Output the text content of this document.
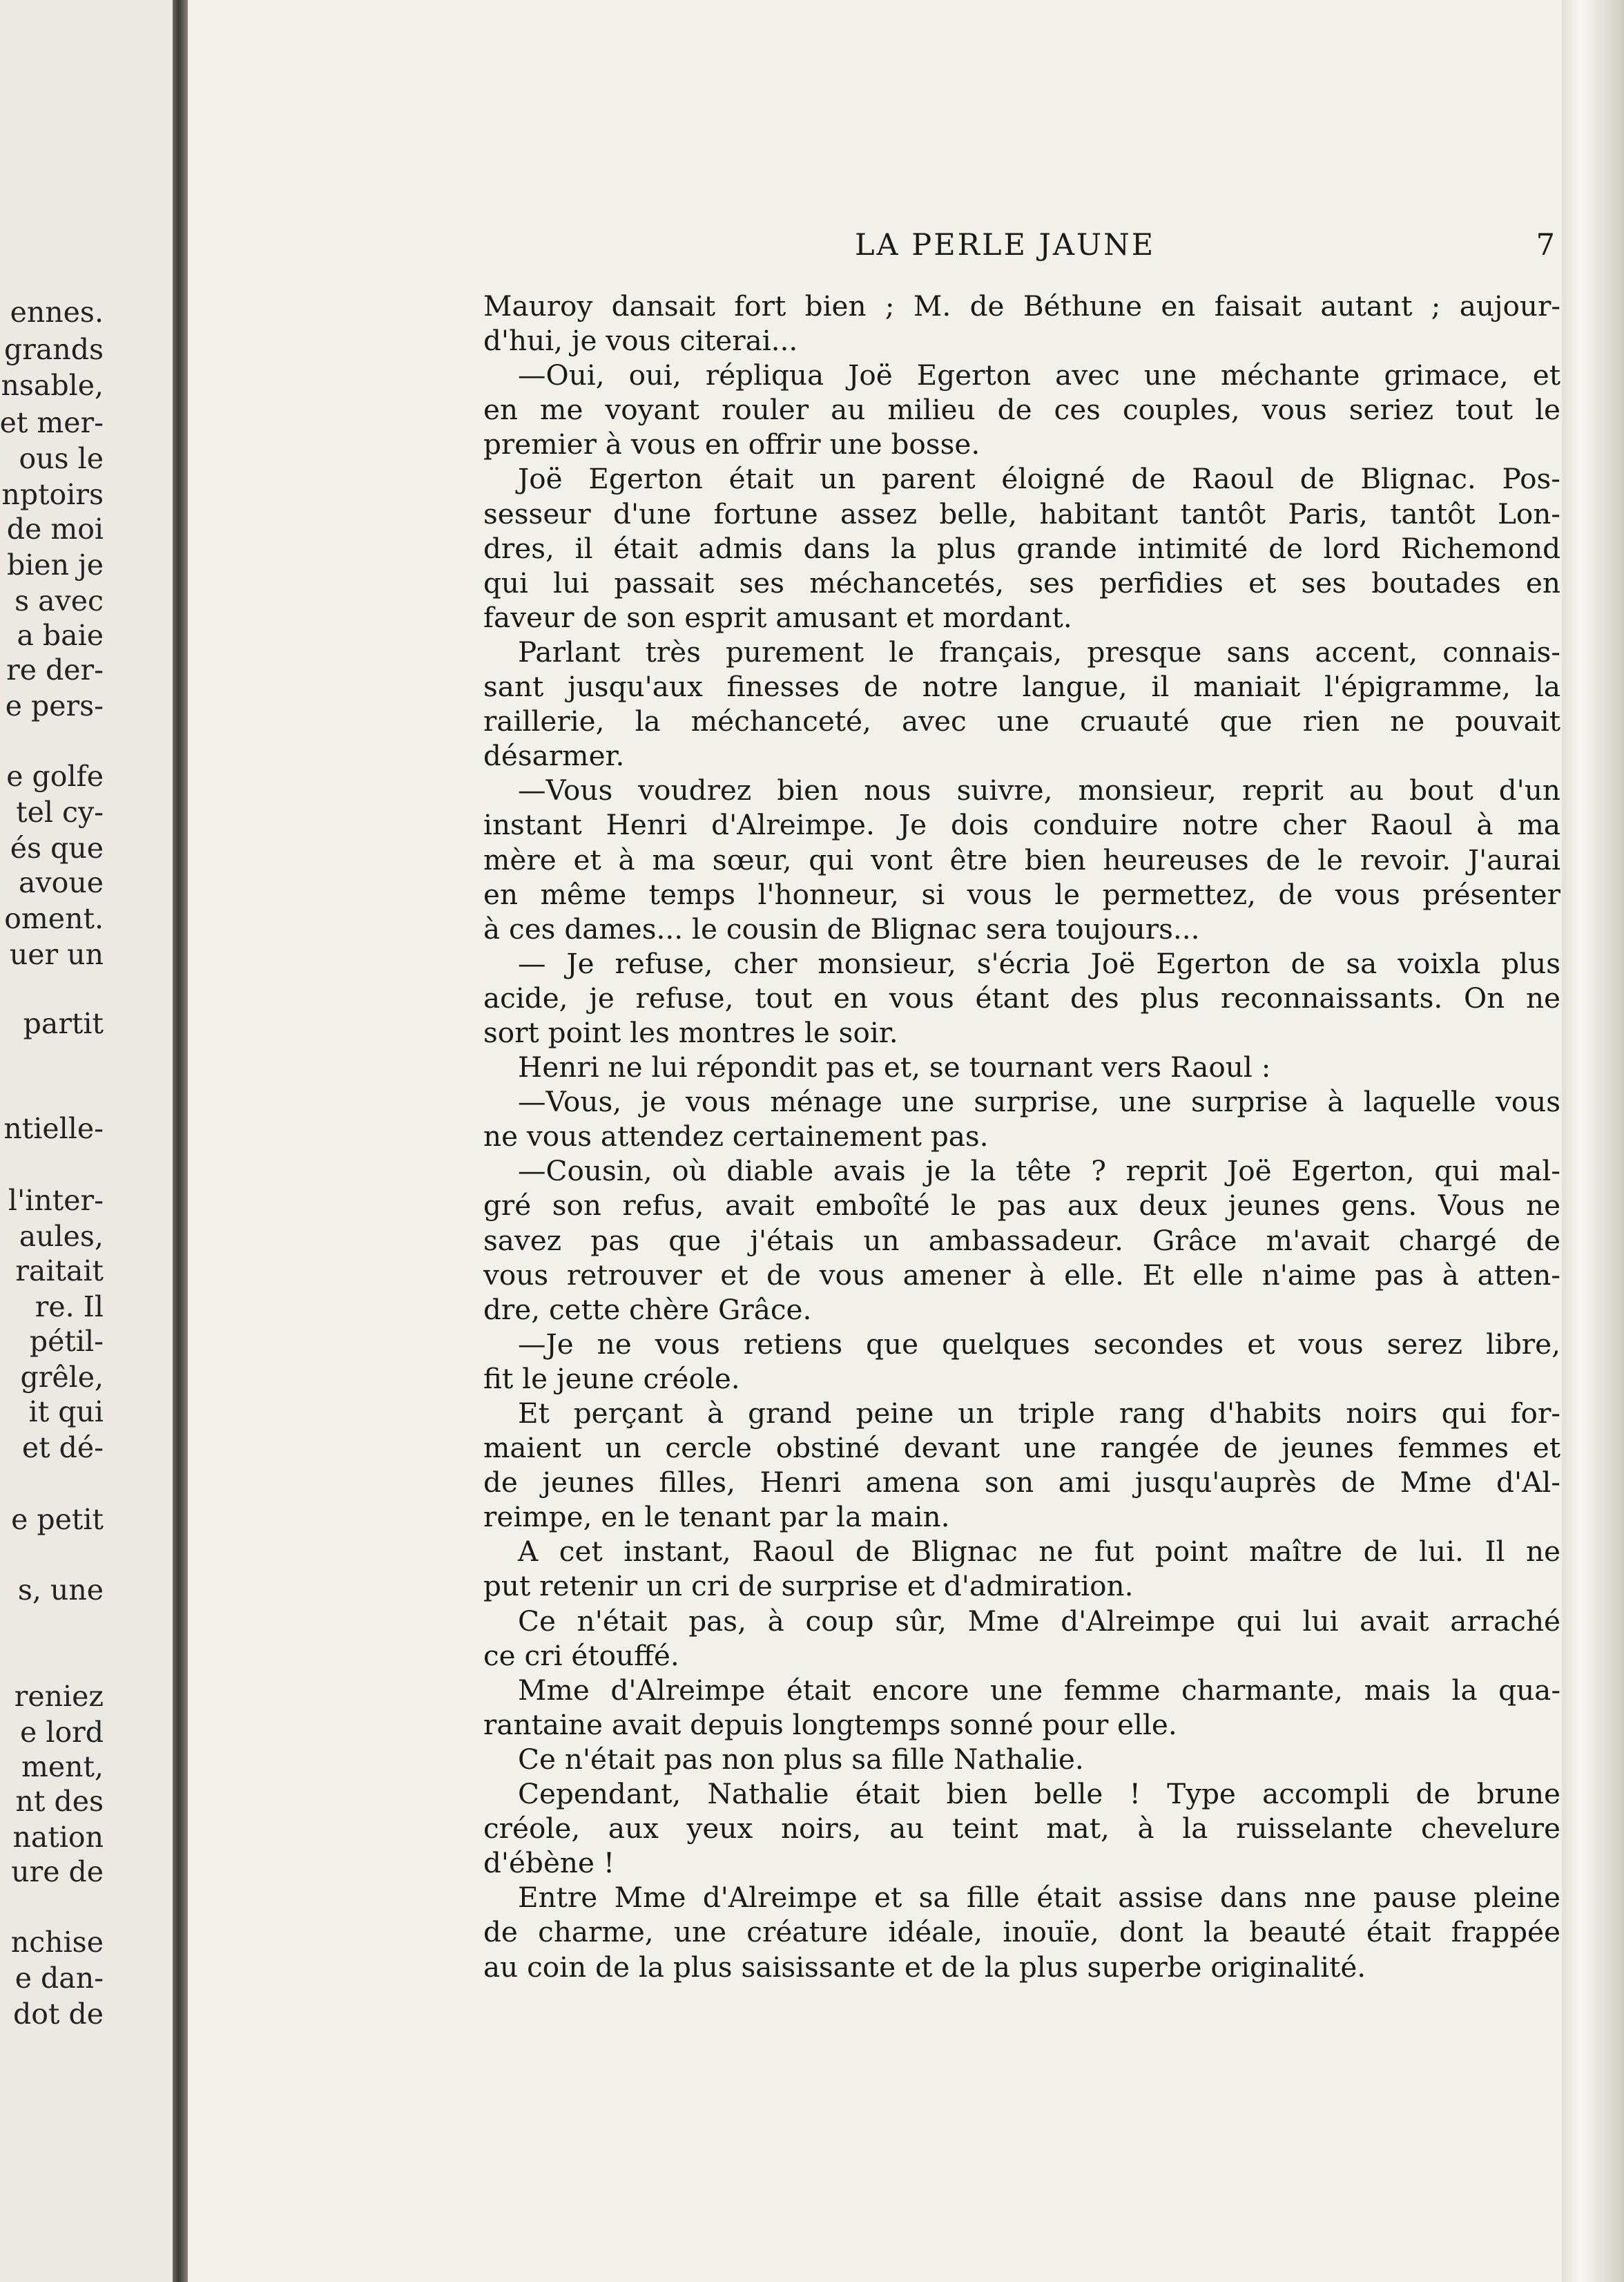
ennes.
grands
nsable,
et mer-
ous le
nptoirs
de moi
bien je
s avec
a baie
re der-
e pers-
e golfe
tel cy-
és que
avoue
oment.
uer un
partit
ntielle-
l'inter-
aules,
raitait
re. Il
pétil-
grêle,
it qui
et dé-
e petit
s, une
reniez
e lord
ment,
nt des
nation
ure de
nchise
e dan-
dot de
LA PERLE JAUNE	7
Mauroy dansait fort bien ; M. de Béthune en faisait autant ; aujour-
d'hui, je vous citerai...
—Oui, oui, répliqua Joë Egerton avec une méchante grimace, et
en me voyant rouler au milieu de ces couples, vous seriez tout le
premier à vous en offrir une bosse.
Joë Egerton était un parent éloigné de Raoul de Blignac. Pos-
sesseur d'une fortune assez belle, habitant tantôt Paris, tantôt Lon-
dres, il était admis dans la plus grande intimité de lord Richemond
qui lui passait ses méchancetés, ses perfidies et ses boutades en
faveur de son esprit amusant et mordant.
Parlant très purement le français, presque sans accent, connais-
sant jusqu'aux finesses de notre langue, il maniait l'épigramme, la
raillerie, la méchanceté, avec une cruauté que rien ne pouvait
désarmer.
—Vous voudrez bien nous suivre, monsieur, reprit au bout d'un
instant Henri d'Alreimpe. Je dois conduire notre cher Raoul à ma
mère et à ma sœur, qui vont être bien heureuses de le revoir. J'aurai
en même temps l'honneur, si vous le permettez, de vous présenter
à ces dames... le cousin de Blignac sera toujours...
— Je refuse, cher monsieur, s'écria Joë Egerton de sa voixla plus
acide, je refuse, tout en vous étant des plus reconnaissants. On ne
sort point les montres le soir.
Henri ne lui répondit pas et, se tournant vers Raoul :
—Vous, je vous ménage une surprise, une surprise à laquelle vous
ne vous attendez certainement pas.
—Cousin, où diable avais je la tête ? reprit Joë Egerton, qui mal-
gré son refus, avait emboîté le pas aux deux jeunes gens. Vous ne
savez pas que j'étais un ambassadeur. Grâce m'avait chargé de
vous retrouver et de vous amener à elle. Et elle n'aime pas à atten-
dre, cette chère Grâce.
—Je ne vous retiens que quelques secondes et vous serez libre,
fit le jeune créole.
Et perçant à grand peine un triple rang d'habits noirs qui for-
maient un cercle obstiné devant une rangée de jeunes femmes et
de jeunes filles, Henri amena son ami jusqu'auprès de Mme d'Al-
reimpe, en le tenant par la main.
A cet instant, Raoul de Blignac ne fut point maître de lui. Il ne
put retenir un cri de surprise et d'admiration.
Ce n'était pas, à coup sûr, Mme d'Alreimpe qui lui avait arraché
ce cri étouffé.
Mme d'Alreimpe était encore une femme charmante, mais la qua-
rantaine avait depuis longtemps sonné pour elle.
Ce n'était pas non plus sa fille Nathalie.
Cependant, Nathalie était bien belle ! Type accompli de brune
créole, aux yeux noirs, au teint mat, à la ruisselante chevelure
d'ébène !
Entre Mme d'Alreimpe et sa fille était assise dans nne pause pleine
de charme, une créature idéale, inouïe, dont la beauté était frappée
au coin de la plus saisissante et de la plus superbe originalité.
